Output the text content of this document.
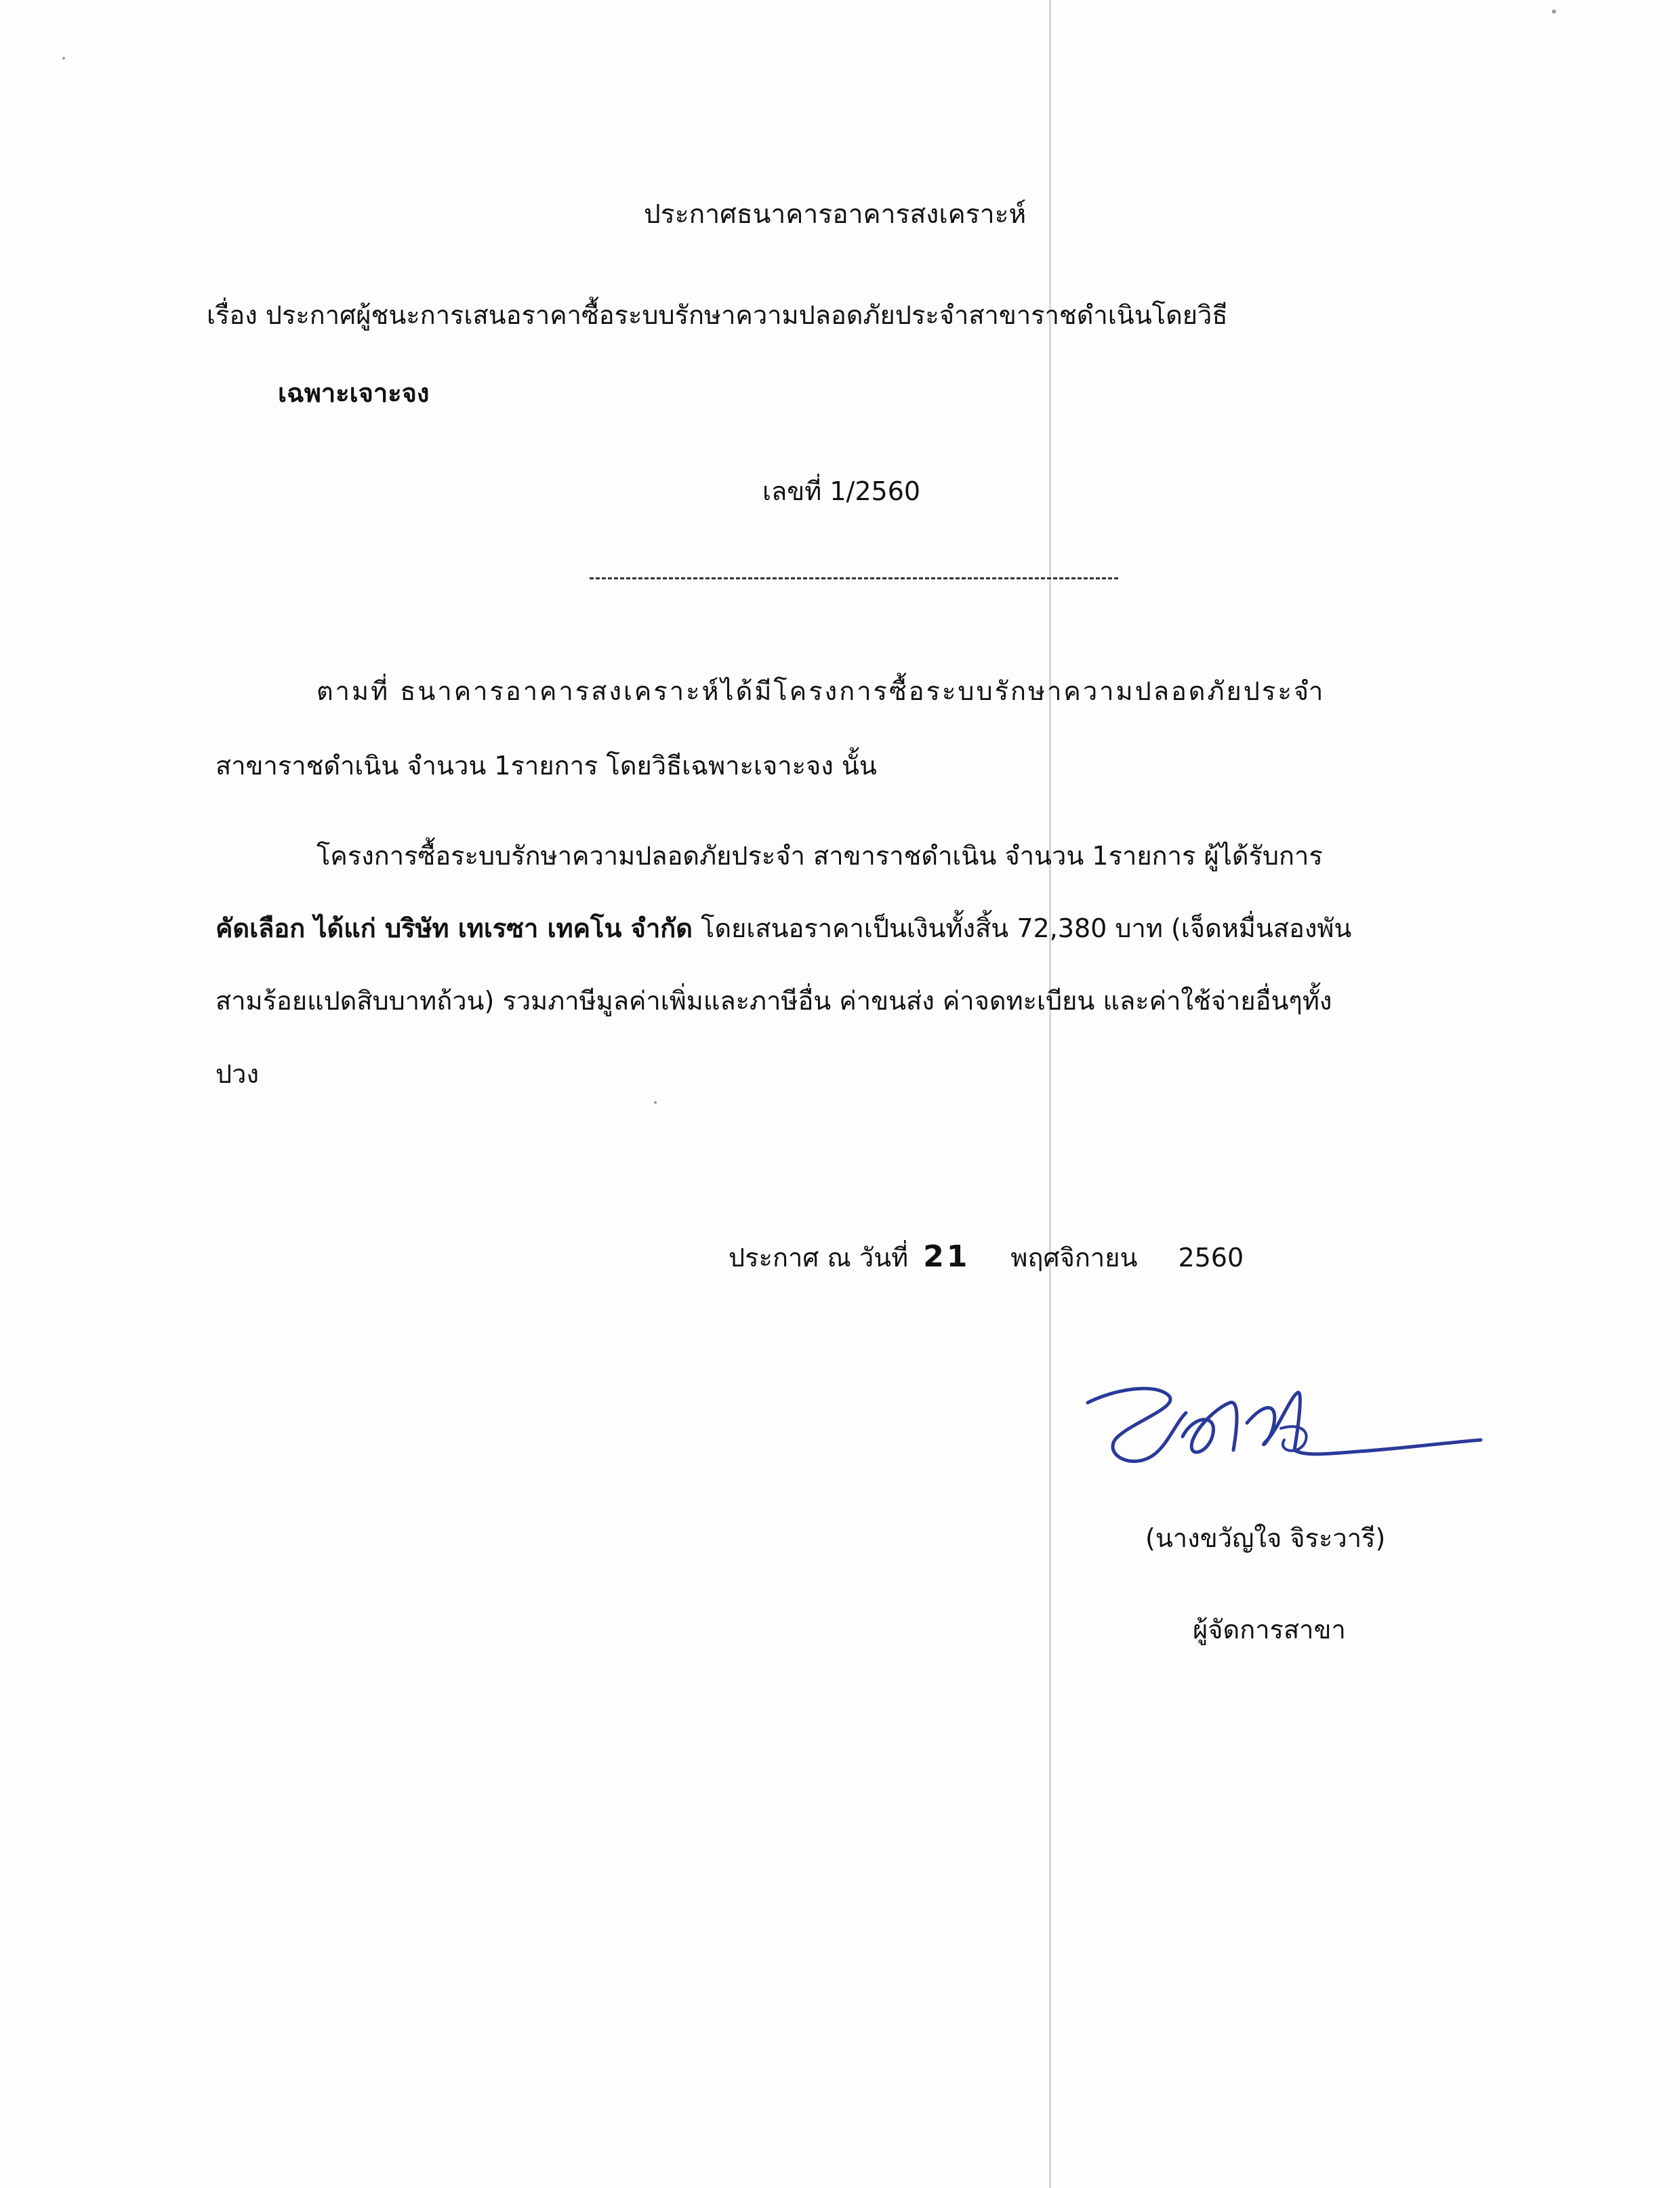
ประกาศธนาคารอาคารสงเคราะห์
เรื่อง ประกาศผู้ชนะการเสนอราคาซื้อระบบรักษาความปลอดภัยประจำสาขาราชดำเนินโดยวิธี
เฉพาะเจาะจง
เลขที่ 1/2560
ตามที่ ธนาคารอาคารสงเคราะห์ได้มีโครงการซื้อระบบรักษาความปลอดภัยประจำ
สาขาราชดำเนิน จำนวน 1รายการ โดยวิธีเฉพาะเจาะจง นั้น
โครงการซื้อระบบรักษาความปลอดภัยประจำ สาขาราชดำเนิน จำนวน 1รายการ ผู้ได้รับการ
คัดเลือก ได้แก่ บริษัท เทเรซา เทคโน จำกัด โดยเสนอราคาเป็นเงินทั้งสิ้น 72,380 บาท (เจ็ดหมื่นสองพัน
สามร้อยแปดสิบบาทถ้วน) รวมภาษีมูลค่าเพิ่มและภาษีอื่น ค่าขนส่ง ค่าจดทะเบียน และค่าใช้จ่ายอื่นๆทั้ง
ปวง
ประกาศ ณ วันที่ 21 พฤศจิกายน 2560
(นางขวัญใจ จิระวารี)
ผู้จัดการสาขา
